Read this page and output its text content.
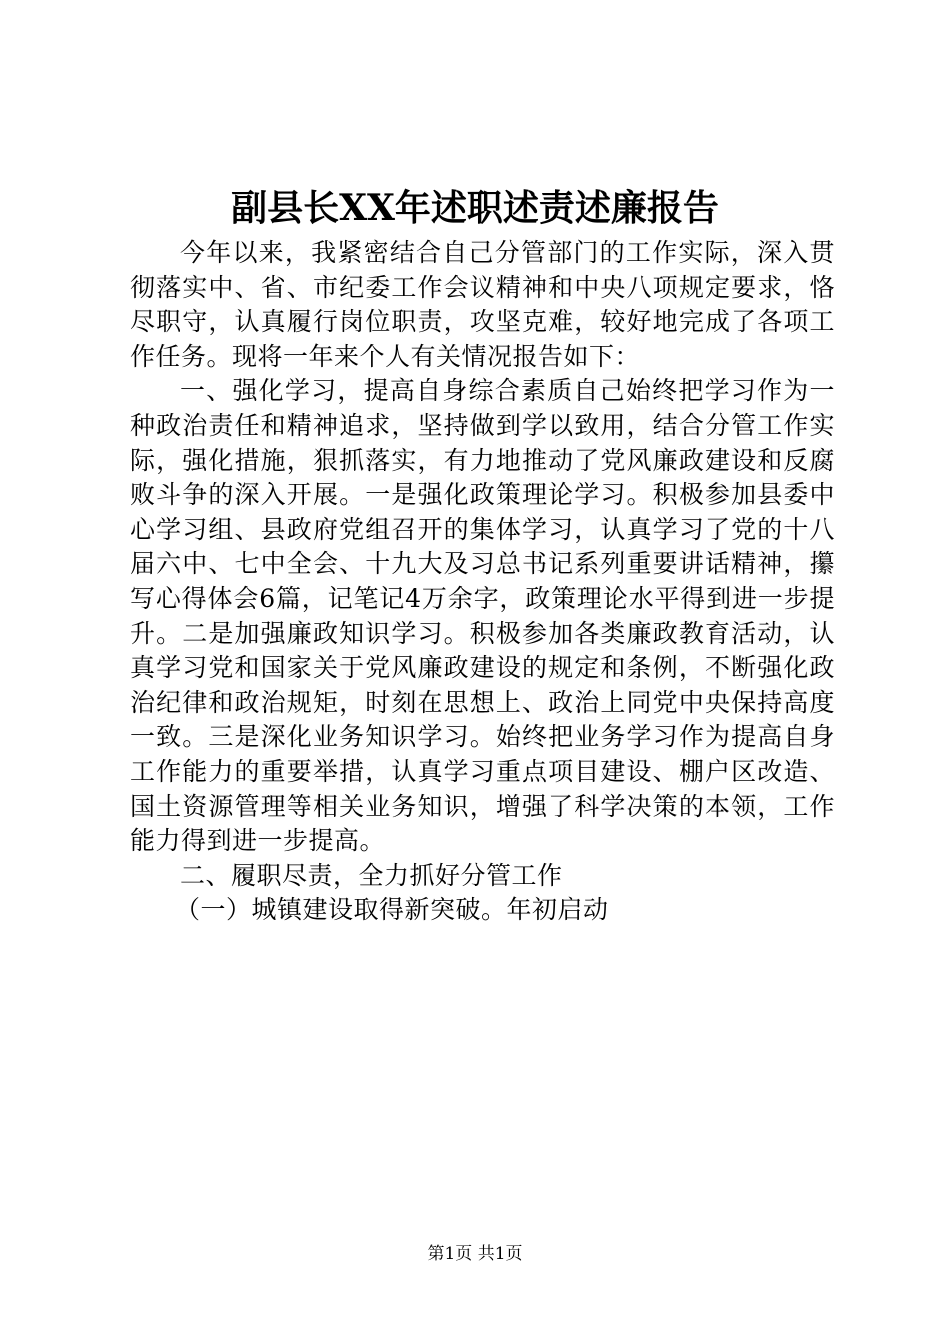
副县长XX年述职述责述廉报告

今年以来，我紧密结合自己分管部门的工作实际，深入贯彻落实中、省、市纪委工作会议精神和中央八项规定要求，恪尽职守，认真履行岗位职责，攻坚克难，较好地完成了各项工作任务。现将一年来个人有关情况报告如下：

一、强化学习，提高自身综合素质自己始终把学习作为一种政治责任和精神追求，坚持做到学以致用，结合分管工作实际，强化措施，狠抓落实，有力地推动了党风廉政建设和反腐败斗争的深入开展。一是强化政策理论学习。积极参加县委中心学习组、县政府党组召开的集体学习，认真学习了党的十八届六中、七中全会、十九大及习总书记系列重要讲话精神，攥写心得体会6篇，记笔记4万余字，政策理论水平得到进一步提升。二是加强廉政知识学习。积极参加各类廉政教育活动，认真学习党和国家关于党风廉政建设的规定和条例，不断强化政治纪律和政治规矩，时刻在思想上、政治上同党中央保持高度一致。三是深化业务知识学习。始终把业务学习作为提高自身工作能力的重要举措，认真学习重点项目建设、棚户区改造、国土资源管理等相关业务知识，增强了科学决策的本领，工作能力得到进一步提高。

二、履职尽责，全力抓好分管工作

（一）城镇建设取得新突破。年初启动

第1页 共1页
